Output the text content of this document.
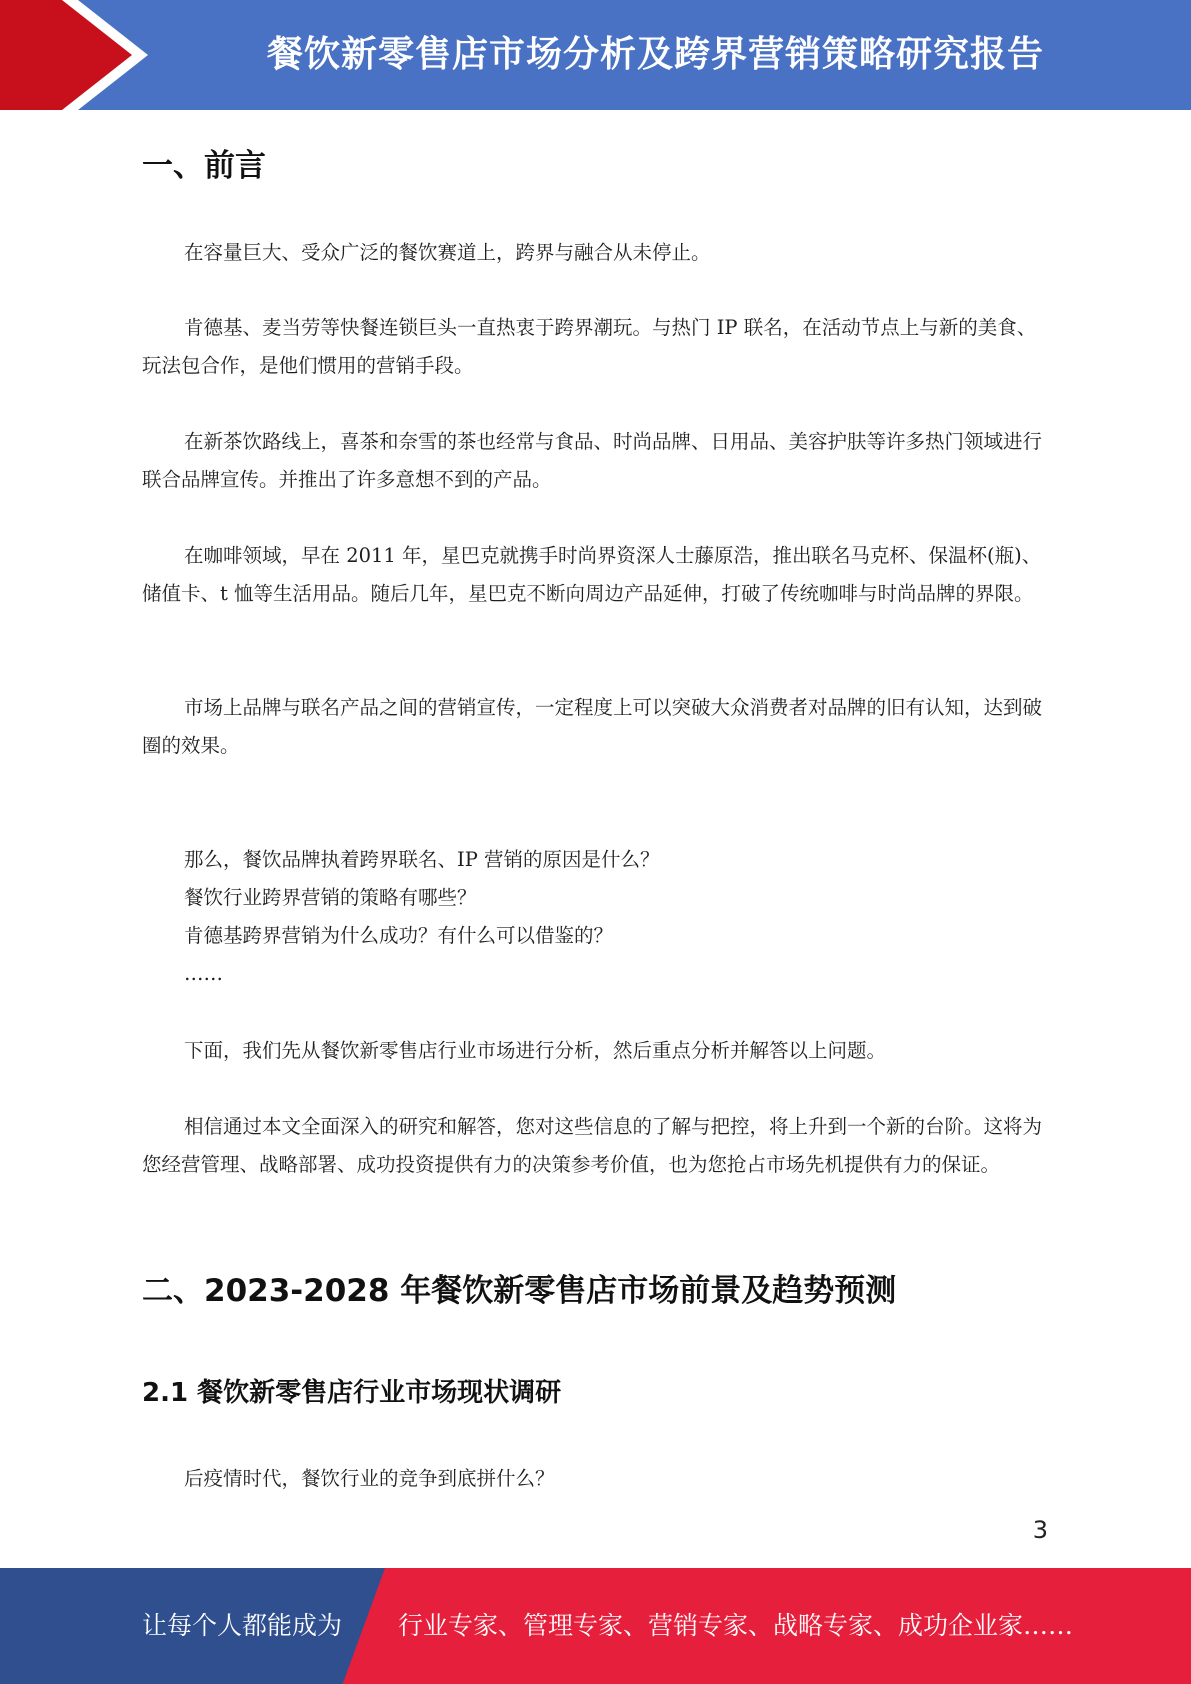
餐饮新零售店市场分析及跨界营销策略研究报告
一、前言

在容量巨大、受众广泛的餐饮赛道上，跨界与融合从未停止。

肯德基、麦当劳等快餐连锁巨头一直热衷于跨界潮玩。与热门 IP 联名，在活动节点上与新的美食、玩法包合作，是他们惯用的营销手段。

在新茶饮路线上，喜茶和奈雪的茶也经常与食品、时尚品牌、日用品、美容护肤等许多热门领域进行联合品牌宣传。并推出了许多意想不到的产品。

在咖啡领域，早在 2011 年，星巴克就携手时尚界资深人士藤原浩，推出联名马克杯、保温杯(瓶)、储值卡、t 恤等生活用品。随后几年，星巴克不断向周边产品延伸，打破了传统咖啡与时尚品牌的界限。

市场上品牌与联名产品之间的营销宣传，一定程度上可以突破大众消费者对品牌的旧有认知，达到破圈的效果。

那么，餐饮品牌执着跨界联名、IP 营销的原因是什么？

餐饮行业跨界营销的策略有哪些？

肯德基跨界营销为什么成功？有什么可以借鉴的？

……

下面，我们先从餐饮新零售店行业市场进行分析，然后重点分析并解答以上问题。

相信通过本文全面深入的研究和解答，您对这些信息的了解与把控，将上升到一个新的台阶。这将为您经营管理、战略部署、成功投资提供有力的决策参考价值，也为您抢占市场先机提供有力的保证。

二、2023-2028 年餐饮新零售店市场前景及趋势预测
2.1 餐饮新零售店行业市场现状调研

后疫情时代，餐饮行业的竞争到底拼什么？

3
让每个人都能成为 行业专家、管理专家、营销专家、战略专家、成功企业家……
